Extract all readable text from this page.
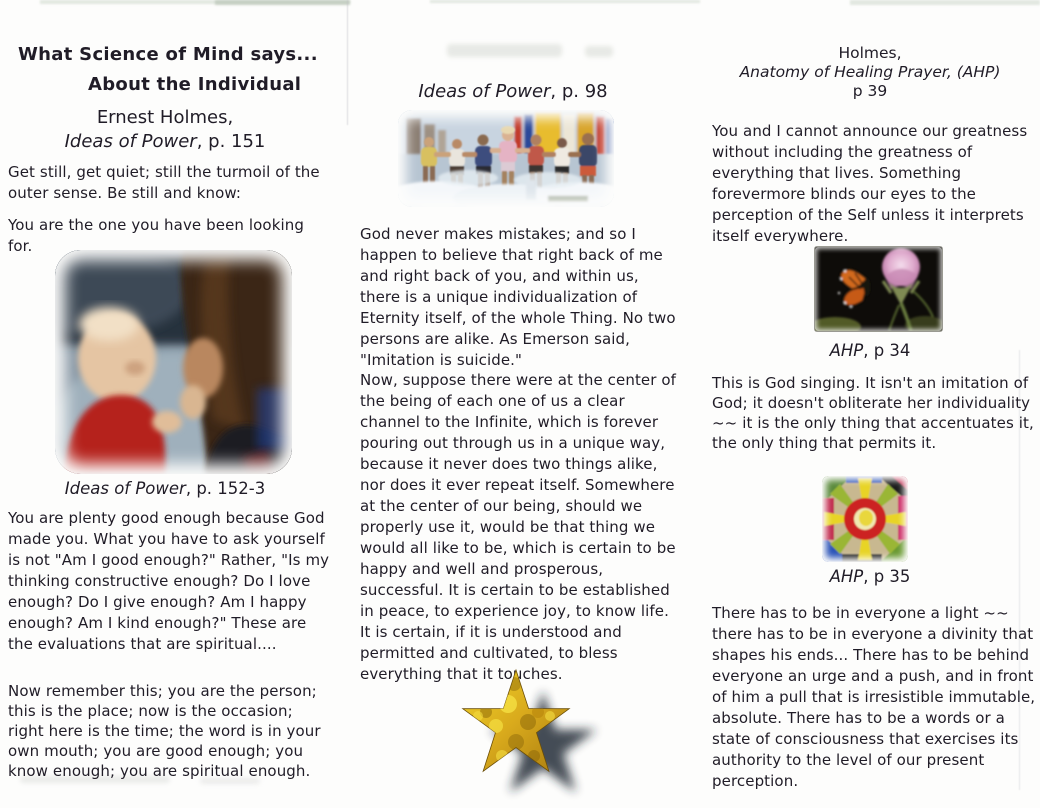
What Science of Mind says...
About the Individual
Ernest Holmes,
Ideas of Power, p. 151
Get still, get quiet; still the turmoil of the outer sense. Be still and know:
You are the one you have been looking for.
Ideas of Power, p. 152-3
You are plenty good enough because God made you. What you have to ask yourself is not "Am I good enough?" Rather, "Is my thinking constructive enough? Do I love enough? Do I give enough? Am I happy enough? Am I kind enough?" These are the evaluations that are spiritual....
Now remember this; you are the person; this is the place; now is the occasion; right here is the time; the word is in your own mouth; you are good enough; you know enough; you are spiritual enough.
Ideas of Power, p. 98
God never makes mistakes; and so I happen to believe that right back of me and right back of you, and within us, there is a unique individualization of Eternity itself, of the whole Thing. No two persons are alike. As Emerson said, "Imitation is suicide."
Now, suppose there were at the center of the being of each one of us a clear channel to the Infinite, which is forever pouring out through us in a unique way, because it never does two things alike, nor does it ever repeat itself. Somewhere at the center of our being, should we properly use it, would be that thing we would all like to be, which is certain to be happy and well and prosperous, successful. It is certain to be established in peace, to experience joy, to know life. It is certain, if it is understood and permitted and cultivated, to bless everything that it touches.
Holmes,
Anatomy of Healing Prayer, (AHP)
p 39
You and I cannot announce our greatness without including the greatness of everything that lives. Something forevermore blinds our eyes to the perception of the Self unless it interprets itself everywhere.
AHP, p 34
This is God singing. It isn't an imitation of God; it doesn't obliterate her individuality ~~ it is the only thing that accentuates it, the only thing that permits it.
AHP, p 35
There has to be in everyone a light ~~ there has to be in everyone a divinity that shapes his ends... There has to be behind everyone an urge and a push, and in front of him a pull that is irresistible immutable, absolute. There has to be a words or a state of consciousness that exercises its authority to the level of our present perception.
